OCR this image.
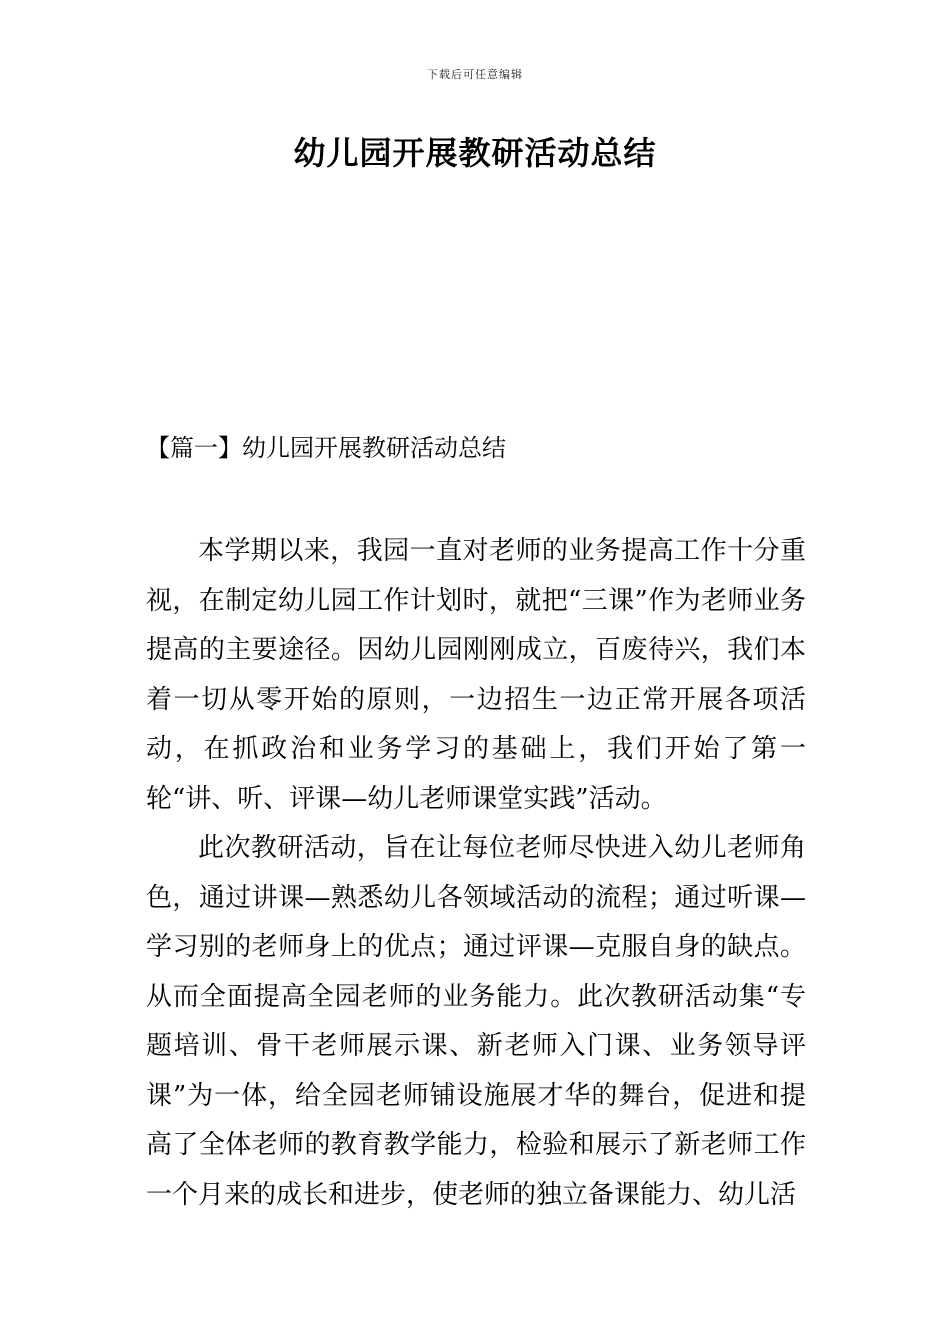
下载后可任意编辑
幼儿园开展教研活动总结
【篇一】幼儿园开展教研活动总结

本学期以来，我园一直对老师的业务提高工作十分重视，在制定幼儿园工作计划时，就把“三课”作为老师业务提高的主要途径。因幼儿园刚刚成立，百废待兴，我们本着一切从零开始的原则，一边招生一边正常开展各项活动，在抓政治和业务学习的基础上，我们开始了第一轮“讲、听、评课—幼儿老师课堂实践”活动。

此次教研活动，旨在让每位老师尽快进入幼儿老师角色，通过讲课—熟悉幼儿各领域活动的流程；通过听课—学习别的老师身上的优点；通过评课—克服自身的缺点。从而全面提高全园老师的业务能力。此次教研活动集“专题培训、骨干老师展示课、新老师入门课、业务领导评课”为一体，给全园老师铺设施展才华的舞台，促进和提高了全体老师的教育教学能力，检验和展示了新老师工作一个月来的成长和进步，使老师的独立备课能力、幼儿活
